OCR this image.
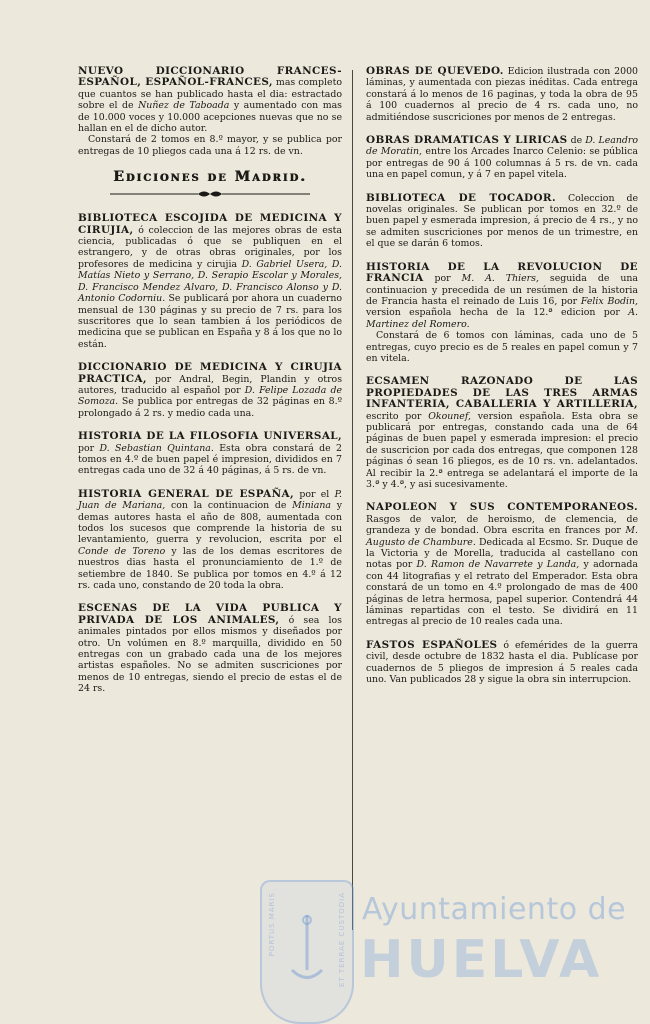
NUEVO DICCIONARIO FRANCES-ESPAÑOL, ESPAÑOL-FRANCES, mas completo que cuantos se han publicado hasta el dia: estractado sobre el de Nuñez de Taboada y aumentado con mas de 10.000 voces y 10.000 acepciones nuevas que no se hallan en el de dicho autor.

Constará de 2 tomos en 8.º mayor, y se publica por entregas de 10 pliegos cada una á 12 rs. de vn.

Ediciones de Madrid.

BIBLIOTECA ESCOJIDA DE MEDICINA Y CIRUJIA, ó coleccion de las mejores obras de esta ciencia, publicadas ó que se publiquen en el estrangero, y de otras obras originales, por los profesores de medicina y cirujia D. Gabriel Usera, D. Matías Nieto y Serrano, D. Serapio Escolar y Morales, D. Francisco Mendez Alvaro, D. Francisco Alonso y D. Antonio Codorniu. Se publicará por ahora un cuaderno mensual de 130 páginas y su precio de 7 rs. para los suscritores que lo sean tambien á los periódicos de medicina que se publican en España y 8 á los que no lo están.

DICCIONARIO DE MEDICINA Y CIRUJIA PRACTICA, por Andral, Begin, Plandin y otros autores, traducido al español por D. Felipe Lozada de Somoza. Se publica por entregas de 32 páginas en 8.º prolongado á 2 rs. y medio cada una.

HISTORIA DE LA FILOSOFIA UNIVERSAL, por D. Sebastian Quintana. Esta obra constará de 2 tomos en 4.º de buen papel é impresion, divididos en 7 entregas cada uno de 32 á 40 páginas, á 5 rs. de vn.

HISTORIA GENERAL DE ESPAÑA, por el P. Juan de Mariana, con la continuacion de Miniana y demas autores hasta el año de 808, aumentada con todos los sucesos que comprende la historia de su levantamiento, guerra y revolucion, escrita por el Conde de Toreno y las de los demas escritores de nuestros dias hasta el pronunciamiento de 1.º de setiembre de 1840. Se publica por tomos en 4.º á 12 rs. cada uno, constando de 20 toda la obra.

ESCENAS DE LA VIDA PUBLICA Y PRIVADA DE LOS ANIMALES, ó sea los animales pintados por ellos mismos y diseñados por otro. Un volúmen en 8.º marquilla, dividido en 50 entregas con un grabado cada una de los mejores artistas españoles. No se admiten suscriciones por menos de 10 entregas, siendo el precio de estas el de 24 rs.

OBRAS DE QUEVEDO. Edicion ilustrada con 2000 láminas, y aumentada con piezas inéditas. Cada entrega constará á lo menos de 16 paginas, y toda la obra de 95 á 100 cuadernos al precio de 4 rs. cada uno, no admitiéndose suscriciones por menos de 2 entregas.

OBRAS DRAMATICAS Y LIRICAS de D. Leandro de Moratin, entre los Arcades Inarco Celenio: se pública por entregas de 90 á 100 columnas á 5 rs. de vn. cada una en papel comun, y á 7 en papel vitela.

BIBLIOTECA DE TOCADOR. Coleccion de novelas originales. Se publican por tomos en 32.º de buen papel y esmerada impresion, á precio de 4 rs., y no se admiten suscriciones por menos de un trimestre, en el que se darán 6 tomos.

HISTORIA DE LA REVOLUCION DE FRANCIA por M. A. Thiers, seguida de una continuacion y precedida de un resúmen de la historia de Francia hasta el reinado de Luis 16, por Felix Bodin, version española hecha de la 12.ª edicion por A. Martinez del Romero.

Constará de 6 tomos con láminas, cada uno de 5 entregas, cuyo precio es de 5 reales en papel comun y 7 en vitela.

ECSAMEN RAZONADO DE LAS PROPIEDADES DE LAS TRES ARMAS INFANTERIA, CABALLERIA Y ARTILLERIA, escrito por Okounef, version española. Esta obra se publicará por entregas, constando cada una de 64 páginas de buen papel y esmerada impresion: el precio de suscricion por cada dos entregas, que componen 128 páginas ó sean 16 pliegos, es de 10 rs. vn. adelantados. Al recibir la 2.ª entrega se adelantará el importe de la 3.ª y 4.ª, y asi sucesivamente.

NAPOLEON Y SUS CONTEMPORANEOS. Rasgos de valor, de heroismo, de clemencia, de grandeza y de bondad. Obra escrita en frances por M. Augusto de Chambure. Dedicada al Ecsmo. Sr. Duque de la Victoria y de Morella, traducida al castellano con notas por D. Ramon de Navarrete y Landa, y adornada con 44 litografias y el retrato del Emperador. Esta obra constará de un tomo en 4.º prolongado de mas de 400 páginas de letra hermosa, papel superior. Contendrá 44 láminas repartidas con el testo. Se dividirá en 11 entregas al precio de 10 reales cada una.

FASTOS ESPAÑOLES ó efemérides de la guerra civil, desde octubre de 1832 hasta el dia. Publícase por cuadernos de 5 pliegos de impresion á 5 reales cada uno. Van publicados 28 y sigue la obra sin interrupcion.

PORTUS MARIS	ET TERRAE CUSTODIA Ayuntamiento de
HUELVA
